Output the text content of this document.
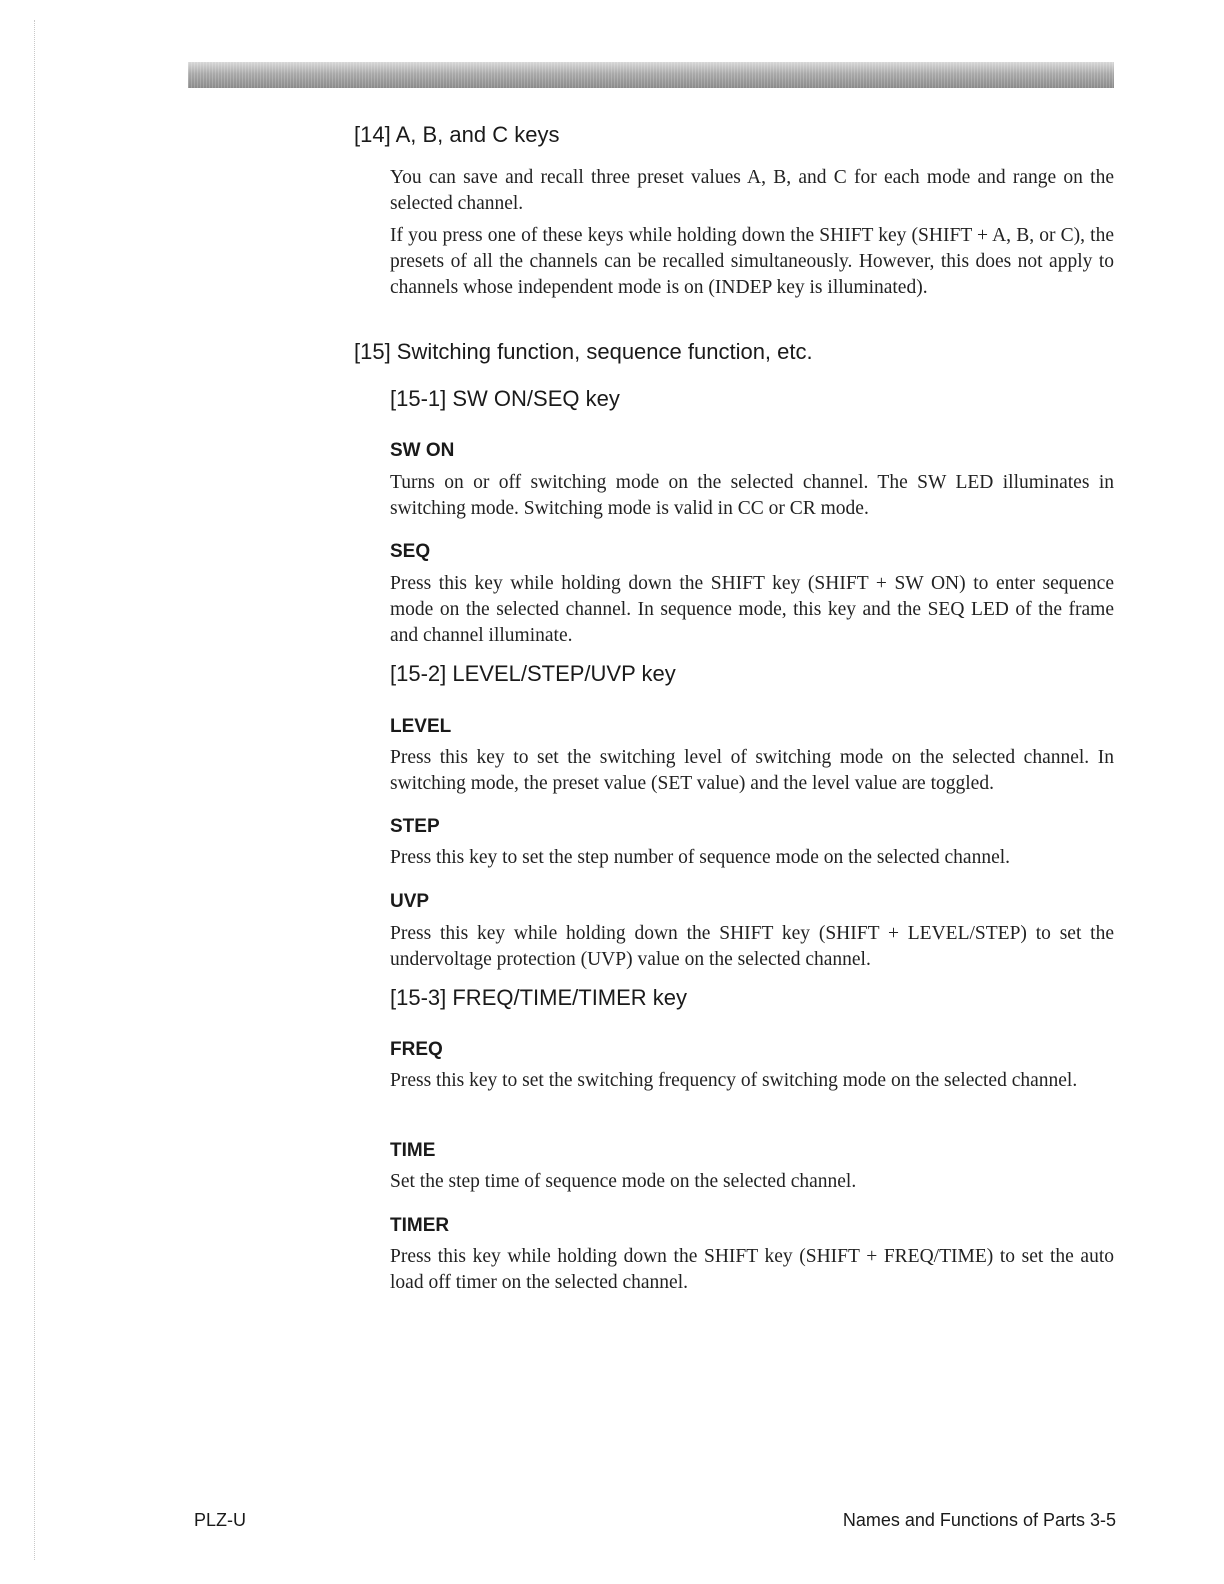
[14] A, B, and C keys
You can save and recall three preset values A, B, and C for each mode and range on the selected channel.
If you press one of these keys while holding down the SHIFT key (SHIFT + A, B, or C), the presets of all the channels can be recalled simultaneously. However, this does not apply to channels whose independent mode is on (INDEP key is illuminated).
[15] Switching function, sequence function, etc.
[15-1] SW ON/SEQ key
SW ON
Turns on or off switching mode on the selected channel. The SW LED illuminates in switching mode. Switching mode is valid in CC or CR mode.
SEQ
Press this key while holding down the SHIFT key (SHIFT + SW ON) to enter sequence mode on the selected channel. In sequence mode, this key and the SEQ LED of the frame and channel illuminate.
[15-2] LEVEL/STEP/UVP key
LEVEL
Press this key to set the switching level of switching mode on the selected channel. In switching mode, the preset value (SET value) and the level value are toggled.
STEP
Press this key to set the step number of sequence mode on the selected channel.
UVP
Press this key while holding down the SHIFT key (SHIFT + LEVEL/STEP) to set the undervoltage protection (UVP) value on the selected channel.
[15-3] FREQ/TIME/TIMER key
FREQ
Press this key to set the switching frequency of switching mode on the selected channel.
TIME
Set the step time of sequence mode on the selected channel.
TIMER
Press this key while holding down the SHIFT key (SHIFT + FREQ/TIME) to set the auto load off timer on the selected channel.
PLZ-U	Names and Functions of Parts 3-5
